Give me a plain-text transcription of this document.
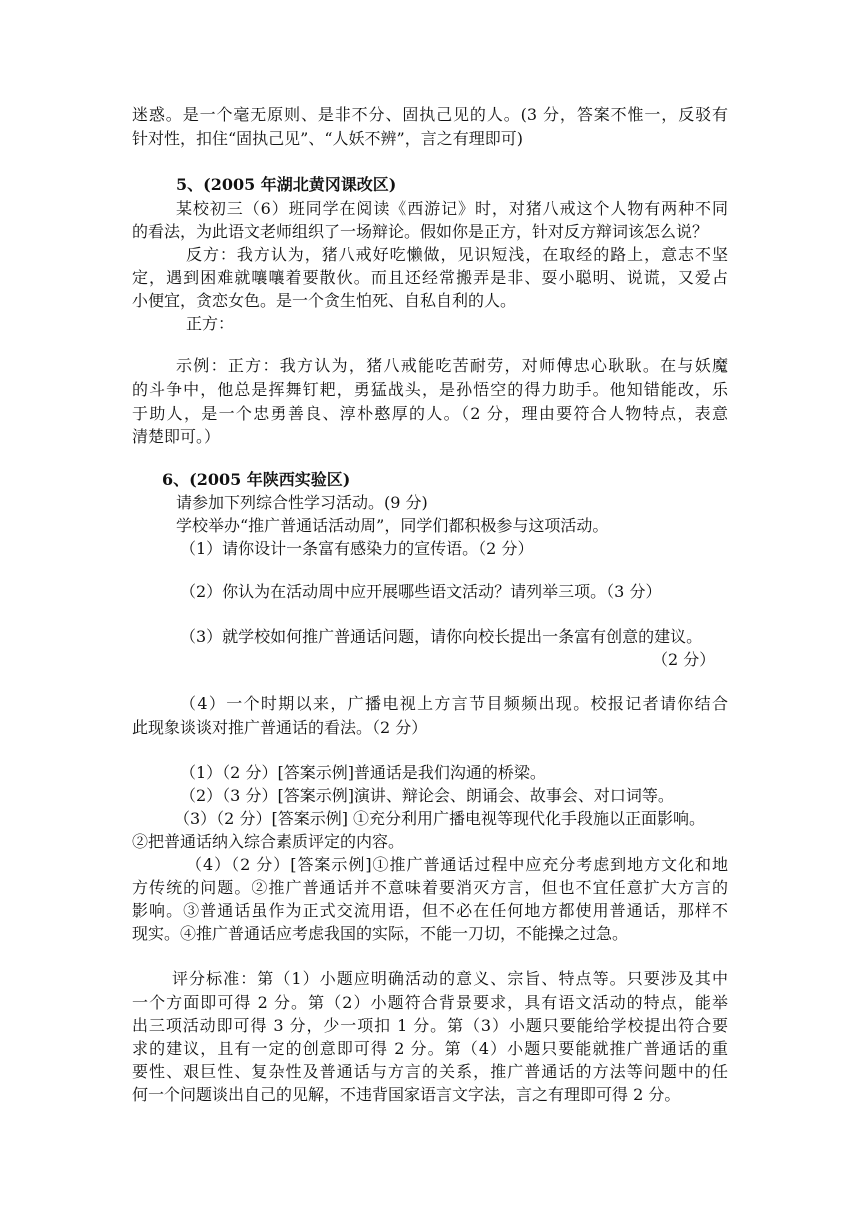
迷惑。是一个毫无原则、是非不分、固执己见的人。(3 分，答案不惟一，反驳有
针对性，扣住“固执己见”、“人妖不辨”，言之有理即可)
5、(2005 年湖北黄冈课改区)
某校初三（6）班同学在阅读《西游记》时，对猪八戒这个人物有两种不同
的看法，为此语文老师组织了一场辩论。假如你是正方，针对反方辩词该怎么说？
反方：我方认为，猪八戒好吃懒做，见识短浅，在取经的路上，意志不坚
定，遇到困难就嚷嚷着要散伙。而且还经常搬弄是非、耍小聪明、说谎，又爱占
小便宜，贪恋女色。是一个贪生怕死、自私自利的人。
正方：
示例：正方：我方认为，猪八戒能吃苦耐劳，对师傅忠心耿耿。在与妖魔
的斗争中，他总是挥舞钉耙，勇猛战头，是孙悟空的得力助手。他知错能改，乐
于助人，是一个忠勇善良、淳朴憨厚的人。（2 分，理由要符合人物特点，表意
清楚即可。）
6、(2005 年陕西实验区)
请参加下列综合性学习活动。(9 分)
学校举办“推广普通话活动周”，同学们都积极参与这项活动。
（1）请你设计一条富有感染力的宣传语。（2 分）
（2）你认为在活动周中应开展哪些语文活动？请列举三项。（3 分）
（3）就学校如何推广普通话问题，请你向校长提出一条富有创意的建议。
（2 分）
（4）一个时期以来，广播电视上方言节目频频出现。校报记者请你结合
此现象谈谈对推广普通话的看法。（2 分）
（1）（2 分）[答案示例]普通话是我们沟通的桥梁。
（2）（3 分）[答案示例]演讲、辩论会、朗诵会、故事会、对口词等。
（3）（2 分）[答案示例] ①充分利用广播电视等现代化手段施以正面影响。
②把普通话纳入综合素质评定的内容。
（4）（2 分）[答案示例]①推广普通话过程中应充分考虑到地方文化和地
方传统的问题。②推广普通话并不意味着要消灭方言，但也不宜任意扩大方言的
影响。③普通话虽作为正式交流用语，但不必在任何地方都使用普通话，那样不
现实。④推广普通话应考虑我国的实际，不能一刀切，不能操之过急。
评分标准：第（1）小题应明确活动的意义、宗旨、特点等。只要涉及其中
一个方面即可得 2 分。第（2）小题符合背景要求，具有语文活动的特点，能举
出三项活动即可得 3 分，少一项扣 1 分。第（3）小题只要能给学校提出符合要
求的建议，且有一定的创意即可得 2 分。第（4）小题只要能就推广普通话的重
要性、艰巨性、复杂性及普通话与方言的关系，推广普通话的方法等问题中的任
何一个问题谈出自己的见解，不违背国家语言文字法，言之有理即可得 2 分。
